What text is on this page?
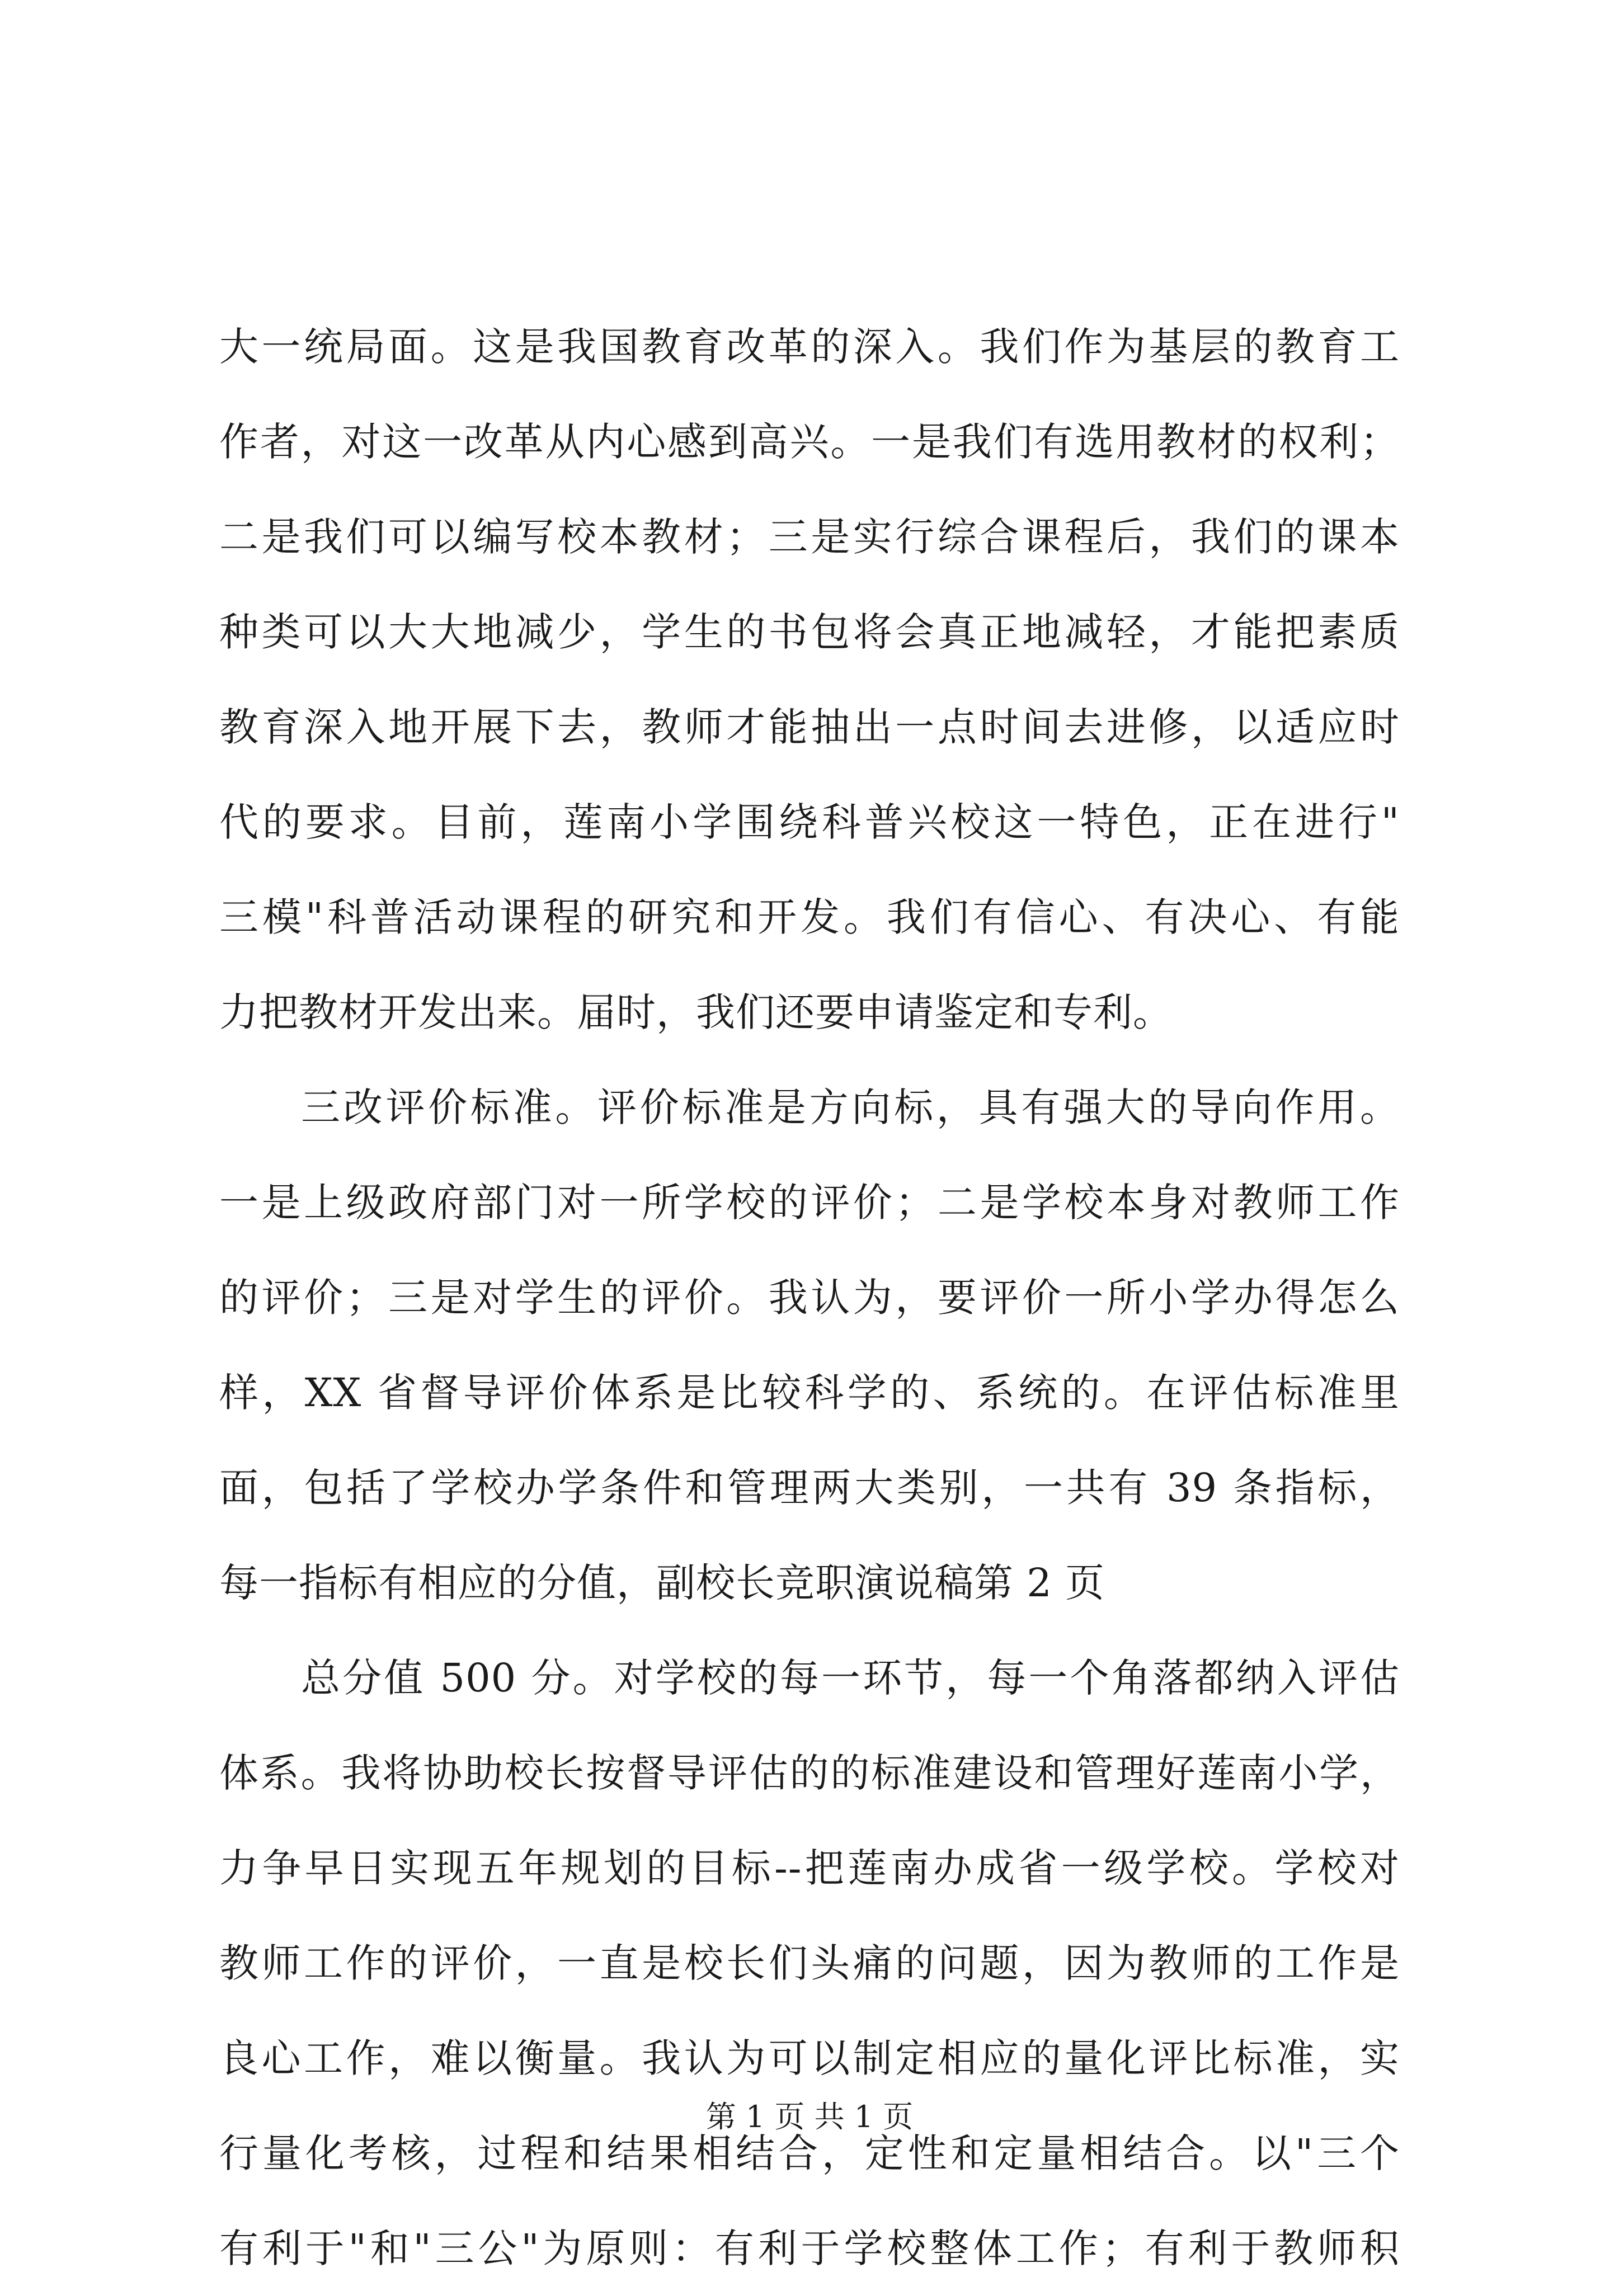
大一统局面。这是我国教育改革的深入。我们作为基层的教育工
作者，对这一改革从内心感到高兴。一是我们有选用教材的权利；
二是我们可以编写校本教材；三是实行综合课程后，我们的课本
种类可以大大地减少，学生的书包将会真正地减轻，才能把素质
教育深入地开展下去，教师才能抽出一点时间去进修，以适应时
代的要求。目前，莲南小学围绕科普兴校这一特色，正在进行"
三模"科普活动课程的研究和开发。我们有信心、有决心、有能
力把教材开发出来。届时，我们还要申请鉴定和专利。
三改评价标准。评价标准是方向标，具有强大的导向作用。
一是上级政府部门对一所学校的评价；二是学校本身对教师工作
的评价；三是对学生的评价。我认为，要评价一所小学办得怎么
样，XX 省督导评价体系是比较科学的、系统的。在评估标准里
面，包括了学校办学条件和管理两大类别，一共有 39 条指标，
每一指标有相应的分值，副校长竞职演说稿第 2 页
总分值 500 分。对学校的每一环节，每一个角落都纳入评估
体系。我将协助校长按督导评估的的标准建设和管理好莲南小学，
力争早日实现五年规划的目标--把莲南办成省一级学校。学校对
教师工作的评价，一直是校长们头痛的问题，因为教师的工作是
良心工作，难以衡量。我认为可以制定相应的量化评比标准，实
行量化考核，过程和结果相结合，定性和定量相结合。以"三个
有利于"和"三公"为原则：有利于学校整体工作；有利于教师积
第 1 页 共 1 页
